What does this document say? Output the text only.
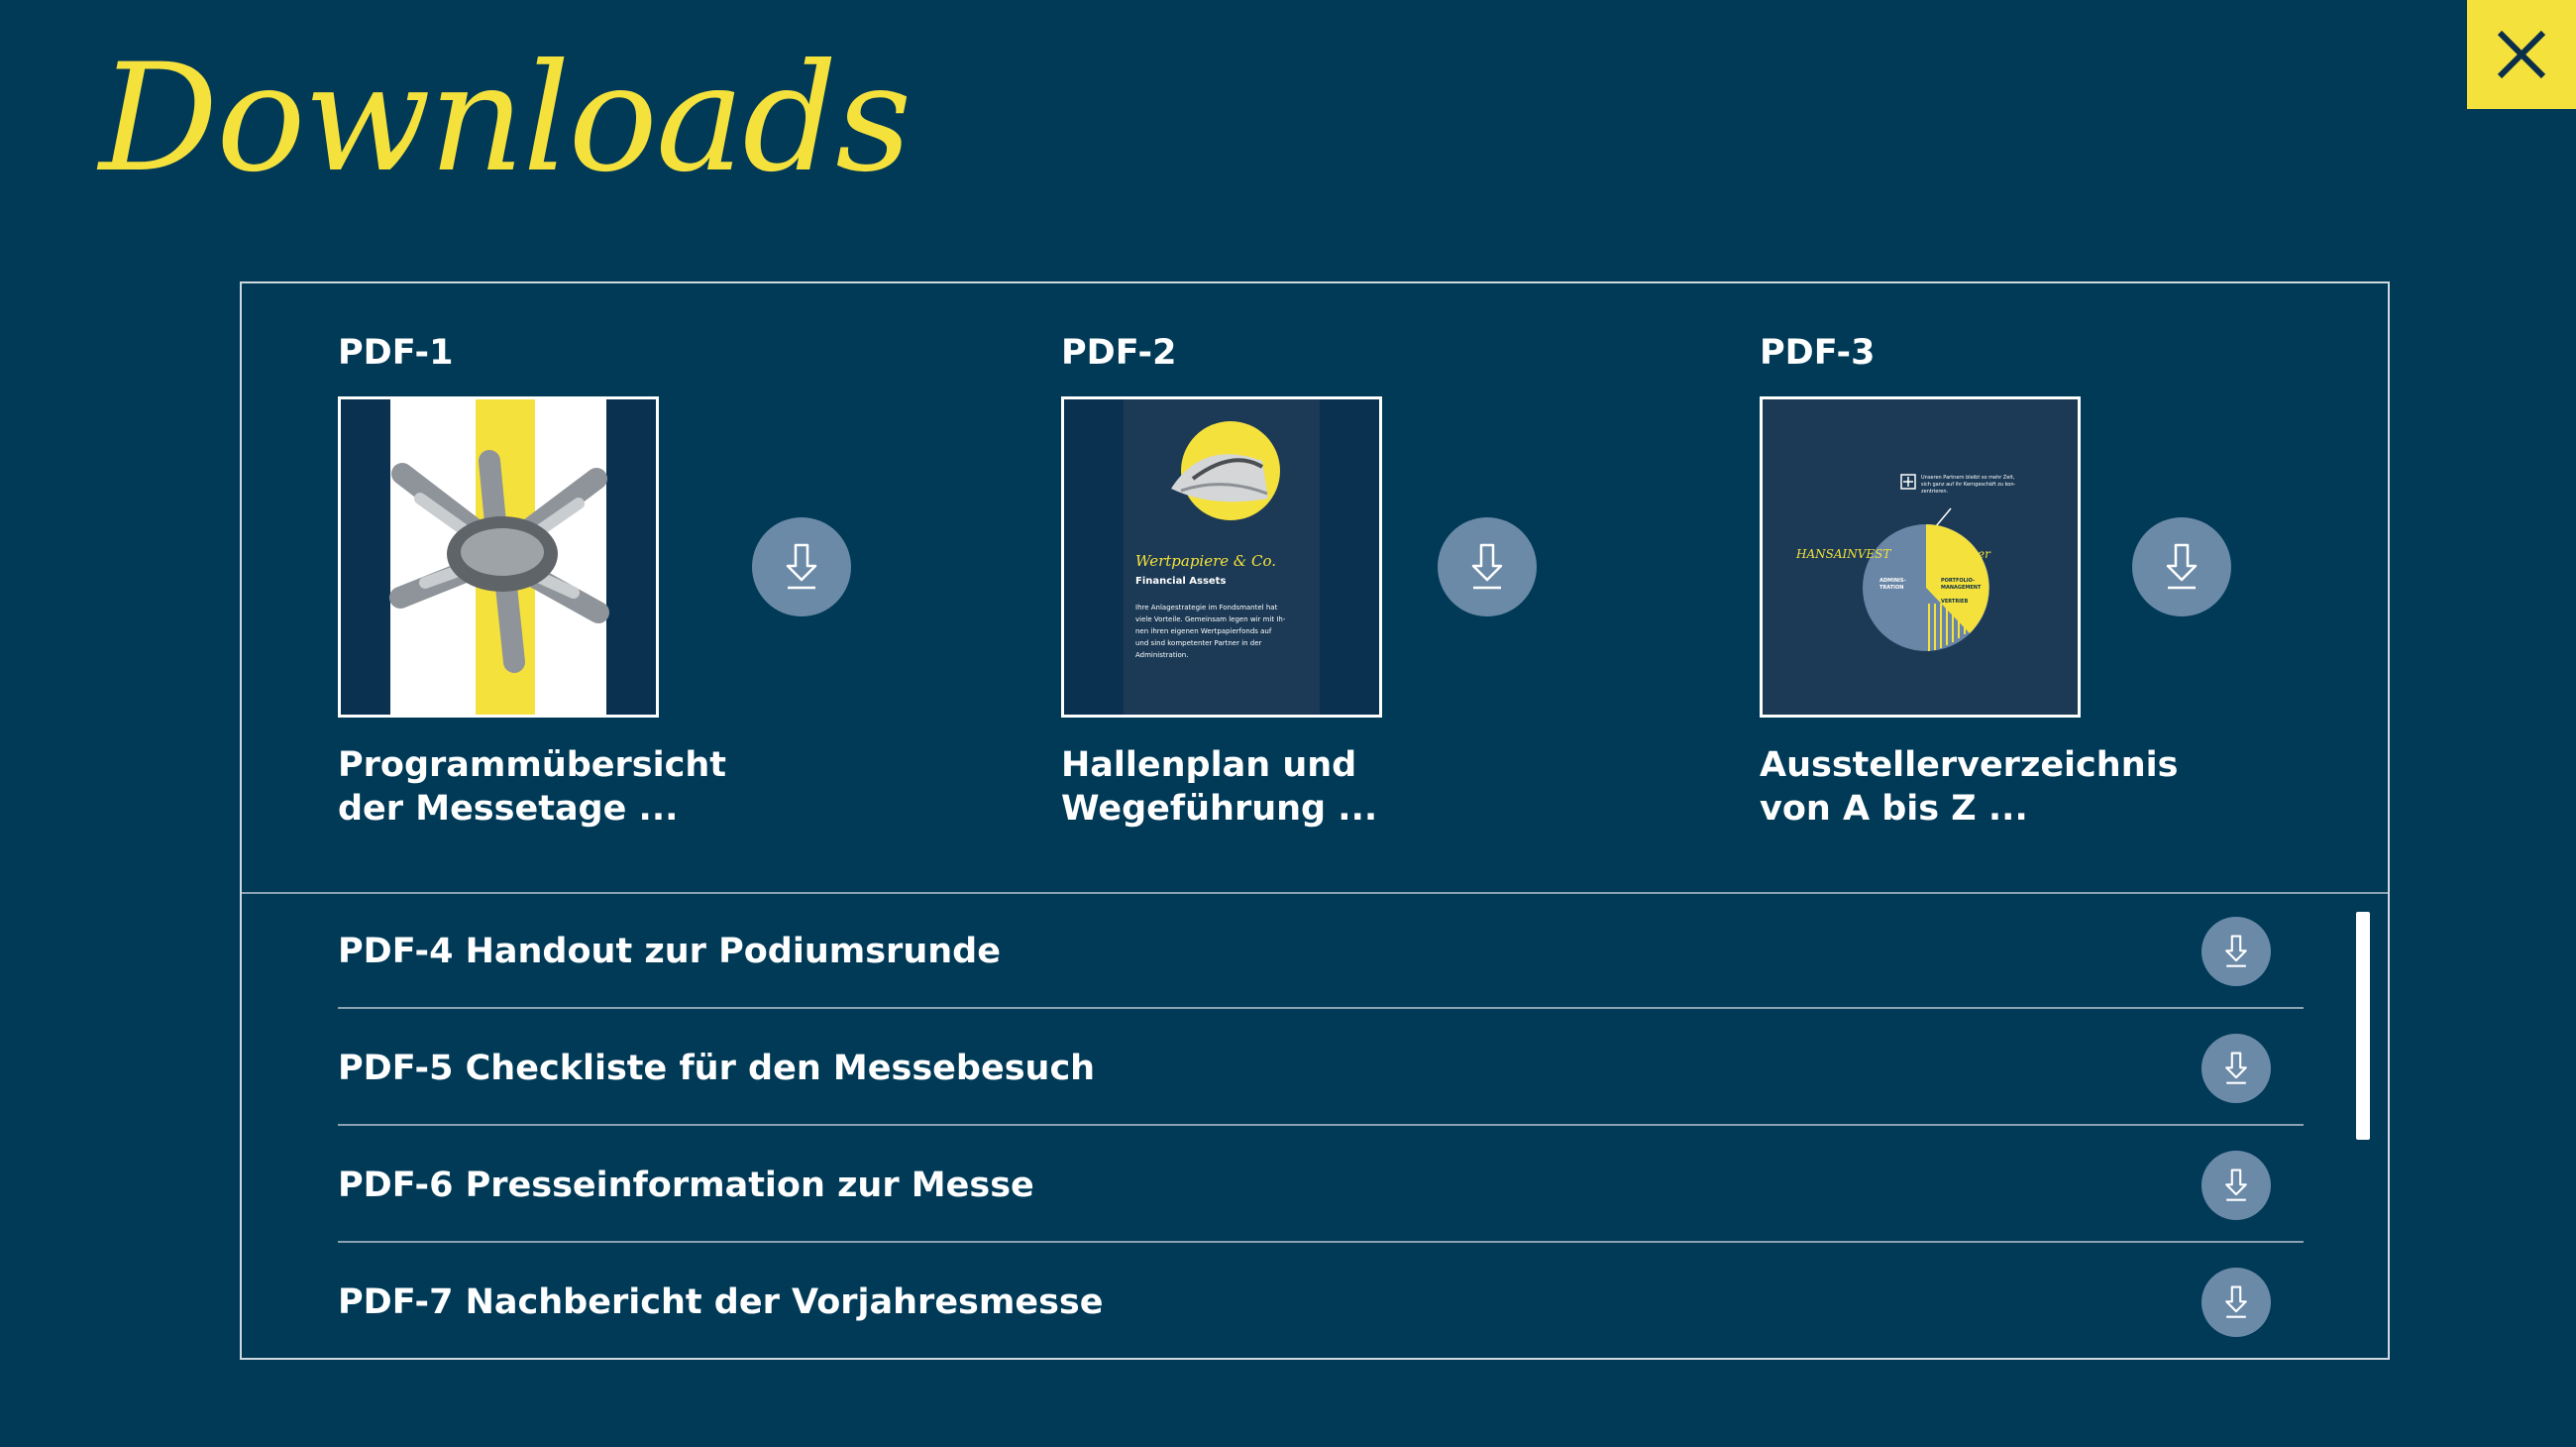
Downloads
PDF-1
Programmübersicht
der Messetage ...
PDF-2
Wertpapiere & Co.
Financial Assets
Ihre Anlagestrategie im Fondsmantel hat
viele Vorteile. Gemeinsam legen wir mit Ih-
nen ihren eigenen Wertpapierfonds auf
und sind kompetenter Partner in der
Administration.
Hallenplan und
Wegeführung ...
PDF-3
Unseren Partnern bleibt so mehr Zeit,
sich ganz auf ihr Kerngeschäft zu kon-
zentrieren.
HANSAINVEST	Partner
ADMINIS-
TRATION
PORTFOLIO-
MANAGEMENT
VERTRIEB
Ausstellerverzeichnis
von A bis Z ...
PDF-4 Handout zur Podiumsrunde
PDF-5 Checkliste für den Messebesuch
PDF-6 Presseinformation zur Messe
PDF-7 Nachbericht der Vorjahresmesse
